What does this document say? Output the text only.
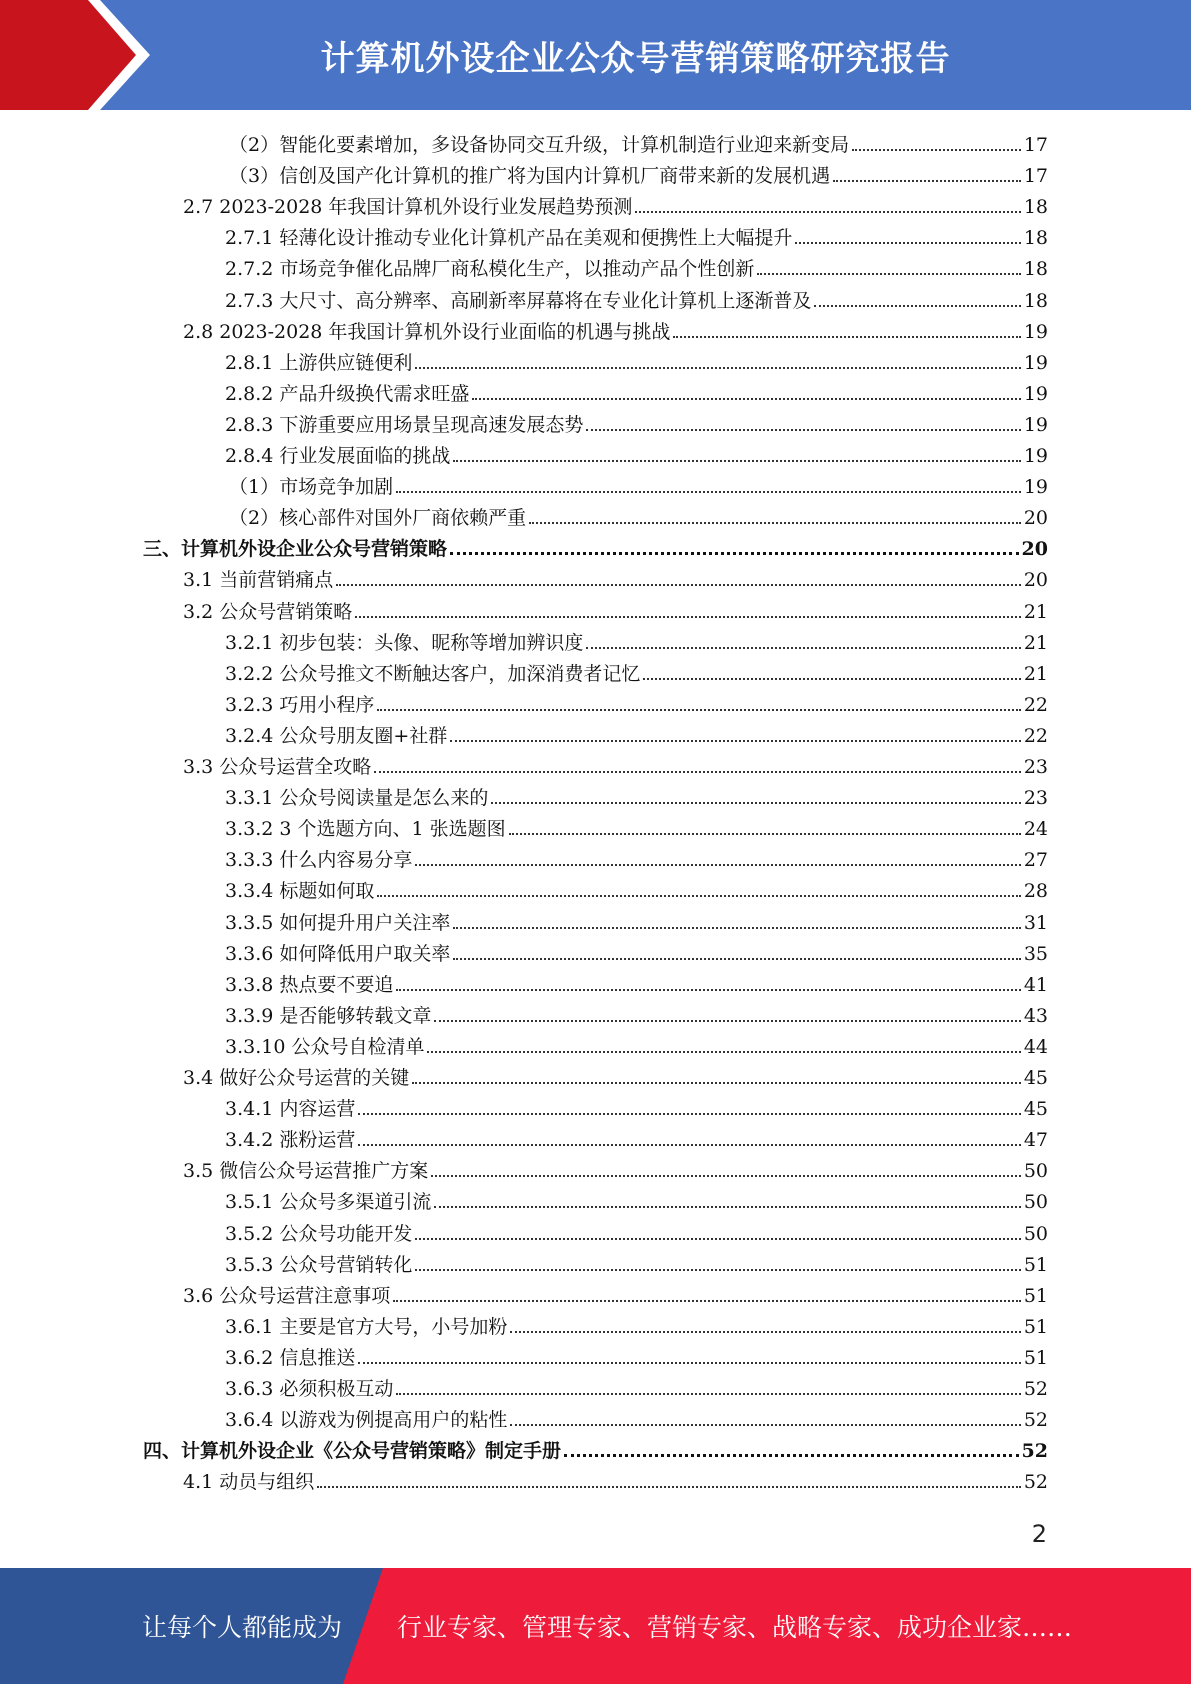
计算机外设企业公众号营销策略研究报告
（2）智能化要素增加，多设备协同交互升级，计算机制造行业迎来新变局	17
（3）信创及国产化计算机的推广将为国内计算机厂商带来新的发展机遇	17
2.7 2023-2028 年我国计算机外设行业发展趋势预测	18
2.7.1 轻薄化设计推动专业化计算机产品在美观和便携性上大幅提升	18
2.7.2 市场竞争催化品牌厂商私模化生产，以推动产品个性创新	18
2.7.3 大尺寸、高分辨率、高刷新率屏幕将在专业化计算机上逐渐普及	18
2.8 2023-2028 年我国计算机外设行业面临的机遇与挑战	19
2.8.1 上游供应链便利	19
2.8.2 产品升级换代需求旺盛	19
2.8.3 下游重要应用场景呈现高速发展态势	19
2.8.4 行业发展面临的挑战	19
（1）市场竞争加剧	19
（2）核心部件对国外厂商依赖严重	20
三、计算机外设企业公众号营销策略	20
3.1 当前营销痛点	20
3.2 公众号营销策略	21
3.2.1 初步包装：头像、昵称等增加辨识度	21
3.2.2 公众号推文不断触达客户，加深消费者记忆	21
3.2.3 巧用小程序	22
3.2.4 公众号朋友圈+社群	22
3.3 公众号运营全攻略	23
3.3.1 公众号阅读量是怎么来的	23
3.3.2 3 个选题方向、1 张选题图	24
3.3.3 什么内容易分享	27
3.3.4 标题如何取	28
3.3.5 如何提升用户关注率	31
3.3.6 如何降低用户取关率	35
3.3.8 热点要不要追	41
3.3.9 是否能够转载文章	43
3.3.10 公众号自检清单	44
3.4 做好公众号运营的关键	45
3.4.1 内容运营	45
3.4.2 涨粉运营	47
3.5 微信公众号运营推广方案	50
3.5.1 公众号多渠道引流	50
3.5.2 公众号功能开发	50
3.5.3 公众号营销转化	51
3.6 公众号运营注意事项	51
3.6.1 主要是官方大号，小号加粉	51
3.6.2 信息推送	51
3.6.3 必须积极互动	52
3.6.4 以游戏为例提高用户的粘性	52
四、计算机外设企业《公众号营销策略》制定手册	52
4.1 动员与组织	52
2
让每个人都能成为 行业专家、管理专家、营销专家、战略专家、成功企业家……
